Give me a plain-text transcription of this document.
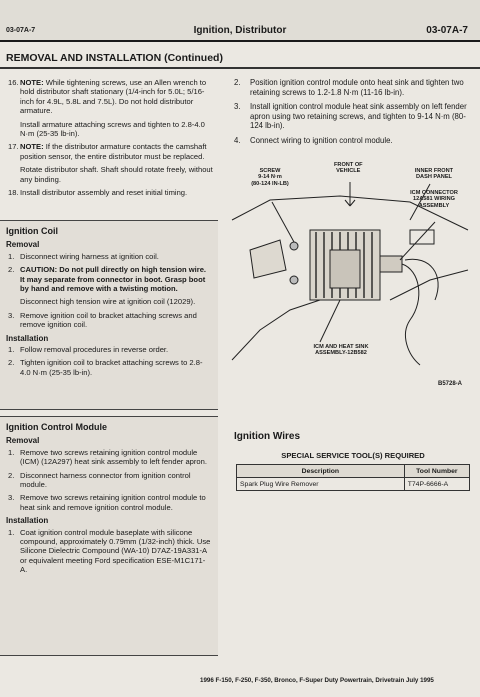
03-07A-7	Ignition, Distributor	03-07A-7
REMOVAL AND INSTALLATION (Continued)
16. NOTE: While tightening screws, use an Allen wrench to hold distributor shaft stationary (1/4-inch for 5.0L; 5/16-inch for 4.9L, 5.8L and 7.5L). Do not hold distributor armature.
Install armature attaching screws and tighten to 2.8-4.0 N·m (25-35 lb-in).
17. NOTE: If the distributor armature contacts the camshaft position sensor, the entire distributor must be replaced.
Rotate distributor shaft. Shaft should rotate freely, without any binding.
18. Install distributor assembly and reset initial timing.
Ignition Coil
Removal
1. Disconnect wiring harness at ignition coil.
2. CAUTION: Do not pull directly on high tension wire. It may separate from connector in boot. Grasp boot by hand and remove with a twisting motion.
Disconnect high tension wire at ignition coil (12029).
3. Remove ignition coil to bracket attaching screws and remove ignition coil.
Installation
1. Follow removal procedures in reverse order.
2. Tighten ignition coil to bracket attaching screws to 2.8-4.0 N·m (25-35 lb-in).
Ignition Control Module
Removal
1. Remove two screws retaining ignition control module (ICM) (12A297) heat sink assembly to left fender apron.
2. Disconnect harness connector from ignition control module.
3. Remove two screws retaining ignition control module to heat sink and remove ignition control module.
Installation
1. Coat ignition control module baseplate with silicone compound, approximately 0.79mm (1/32-inch) thick. Use Silicone Dielectric Compound (WA-10) D7AZ-19A331-A or equivalent meeting Ford specification ESE-M1C171-A.
2. Position ignition control module onto heat sink and tighten two retaining screws to 1.2-1.8 N·m (11-16 lb-in).
3. Install ignition control module heat sink assembly on left fender apron using two retaining screws, and tighten to 9-14 N·m (80-124 lb-in).
4. Connect wiring to ignition control module.
FRONT OF
VEHICLE
SCREW
9-14 N·m
(80-124 IN-LB)
INNER FRONT
DASH PANEL
ICM CONNECTOR
12A581 WIRING
ASSEMBLY
ICM AND HEAT SINK
ASSEMBLY-12B582
B5728-A
Ignition Wires
SPECIAL SERVICE TOOL(S) REQUIRED
Description	Tool Number
Spark Plug Wire Remover	T74P-6666-A
1996 F-150, F-250, F-350, Bronco, F-Super Duty Powertrain, Drivetrain July 1995
